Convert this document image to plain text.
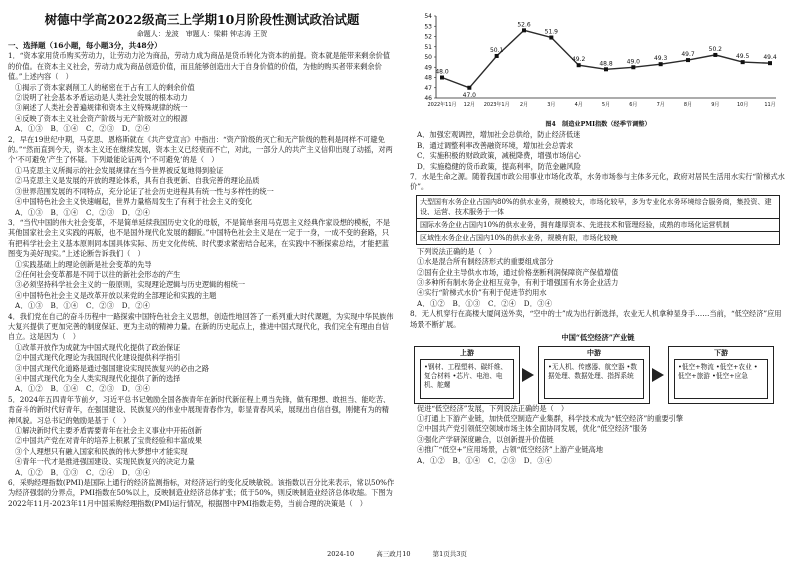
树德中学高2022级高三上学期10月阶段性测试政治试题
命题人：龙波　审题人：梁耕 钟志涛 王贺
一、选择题（16小题，每小题3分，共48分）

1．“资本家用货币购买劳动力，让劳动力沦为商品，劳动力成为商品是货币转化为资本的前提。资本就是能带来剩余价值的价值。在资本主义社会，劳动力成为商品创造价值，而且能够创造出大于自身价值的价值，为他的购买者带来剩余价值。”上述内容（　）

①揭示了资本家剥削工人的秘密在于占有工人的剩余价值
②说明了社会基本矛盾运动是人类社会发展的根本动力
③阐述了人类社会普遍规律和资本主义特殊规律的统一
④反映了资本主义社会资产阶级与无产阶级对立的根源
A．①③　B．①④　C．②③　D．②④

2．早在19世纪中期，马克思、恩格斯就在《共产党宣言》中指出：“资产阶级的灭亡和无产阶级的胜利是同样不可避免的。”“然而直到今天，资本主义还在继续发展，资本主义已经衰而不亡，对此，一部分人的共产主义信仰出现了动摇，对两个‘不可避免’产生了怀疑。下列最能论证两个‘不可避免’的是（　）

①马克思主义所揭示的社会发展规律在当今世界被反复地得到验证
②马克思主义是发展的开放的理论体系，具有自我更新、自我完善的理论品质
③世界范围发展的不同特点，充分论证了社会历史进程具有统一性与多样性的统一
④中国特色社会主义快速崛起，世界力量格局发生了有利于社会主义的变化
A．①③　B．①④　C．②③　D．②④

3．“当代中国的伟大社会变革，不是简单延续我国历史文化的母版，不是简单套用马克思主义经典作家设想的模板，不是其他国家社会主义实践的再版，也不是国外现代化发展的翻版。”中国特色社会主义是在一定于一身，一成不变的套路，只有把科学社会主义基本原则同本国具体实际、历史文化传统、时代要求紧密结合起来，在实践中不断探索总结，才能把蓝图变为美好现实。”上述论断告诉我们（　）

①实践基础上的理论创新是社会变革的先导
②任何社会变革都是不同于以往的新社会形态的产生
③必须坚持科学社会主义的一般原则，实现理论逻辑与历史逻辑的相统一
④中国特色社会主义是改革开放以来党的全部理论和实践的主题
A．①③　B．①④　C．②③　D．②④

4．我们党在自己的奋斗历程中一路探索中国特色社会主义思想，创造性地回答了一系列重大时代课题，为实现中华民族伟大复兴提供了更加完善的制度保证、更为主动的精神力量。在新的历史起点上，推进中国式现代化，我们完全有理由自信自立。这是因为（　）

①改革开放作为成就为中国式现代化提供了政治保证
②中国式现代化理论为我国现代化建设提供科学指引
③中国式现代化道路是通过强国建设实现民族复兴的必由之路
④中国式现代化为全人类实现现代化提供了新的选择
A．①②　B．①④　C．②③　D．③④

5．2024年五四青年节前夕，习近平总书记勉励全国各族青年在新时代新征程上勇当先锋，做有理想、敢担当、能吃苦、肯奋斗的新时代好青年，在强国建设、民族复兴的伟业中展现青春作为，彰显青春风采，展现出自信自强，刚健有为的精神风貌。习总书记的勉励是基于（　）

①解决新时代主要矛盾需要青年在社会主义事业中开拓创新
②中国共产党在对青年的培养上积累了宝贵经验和丰富成果
③个人理想只有融入国家和民族的伟大梦想中才能实现
④青年一代才是推进强国建设、实现民族复兴的决定力量
A．①②　B．①③　C．②④　D．③④

6．采购经理指数(PMI)是国际上通行的经济监测指标，对经济运行的变化反映敏锐。该指数以百分比来表示，常以50%作为经济强弱的分界点，PMI指数在50%以上，反映制造业经济总体扩张；低于50%，则反映制造业经济总体收缩。下图为2022年11月-2023年11月中国采购经理指数(PMI)运行情况，根据图中PMI指数走势，当前合理的决策是（　）

46
47
48
49
50
51
52
53
54
48.0
2022年11月
47.0
12月
50.1
2023年1月
52.6
2月
51.9
3月
49.2
4月
48.8
5月
49.0
6月
49.3
7月
49.7
8月
50.2
9月
49.5
10月
49.4
11月
图4　制造业PMI指数（经季节调整）
A．加强宏观调控，增加社会总供给，防止经济低迷
B．通过调整利率改善融资环境，增加社会总需求
C．实施积极的财政政策，减税降费，增强市场信心
D．实施稳健的货币政策，提高利率，防范金融风险

7．水是生命之源。随着我国市政公用事业市场化改革，水务市场参与主体多元化，政府对居民生活用水实行“阶梯式水价”。

大型国有水务企业占国内80%的供水业务，规模较大，市场化较早，多为专业化水务环境综合服务商，集投资、建设、运营、技术服务于一体
国际水务企业占国内10%的供水业务，拥有雄厚资本、先进技术和管理经验，成熟的市场化运营机制
区域性水务企业占国内10%的供水业务，规模有限，市场化较晚
下列说法正确的是（　）
①水是混合所有制经济形式的重要组成部分
②国有企业主导供水市场，通过价格垄断利润保障资产保值增值
③多种所有制水务企业相互竞争，有利于增强国有水务企业活力
④实行“阶梯式水价”有利于促进节约用水
A．①②　B．①③　C．②④　D．③④

8．无人机穿行在高楼大厦间送外卖，“空中的士”成为出行新选择，农业无人机拿种显身手……当前，“低空经济”应用场景不断扩展。

中国“低空经济”产业链
上游
•钢材、工程塑料、碳纤维、复合材料 •芯片、电池、电机、舵螺
中游
•无人机、传感器、航空器 •数据处理、数据处理、指挥系统
下游
•低空+物流 •低空+农业 •低空+旅游 •低空+应急
促进“低空经济”发展，下列说法正确的是（　）
①打通上下游产业链，加快低空制造产业集群，科学技术成为“低空经济”的重要引擎
②中国共产党引领低空领域市场主体全面协同发展，优化“低空经济”服务
③强化产学研深度融合，以创新提升价值链
④推广“低空+”应用场景，占领“低空经济”上游产业链高地
A．①②　B．①④　C．②③　D．③④
2024-10	高三政月10	第1页共3页
